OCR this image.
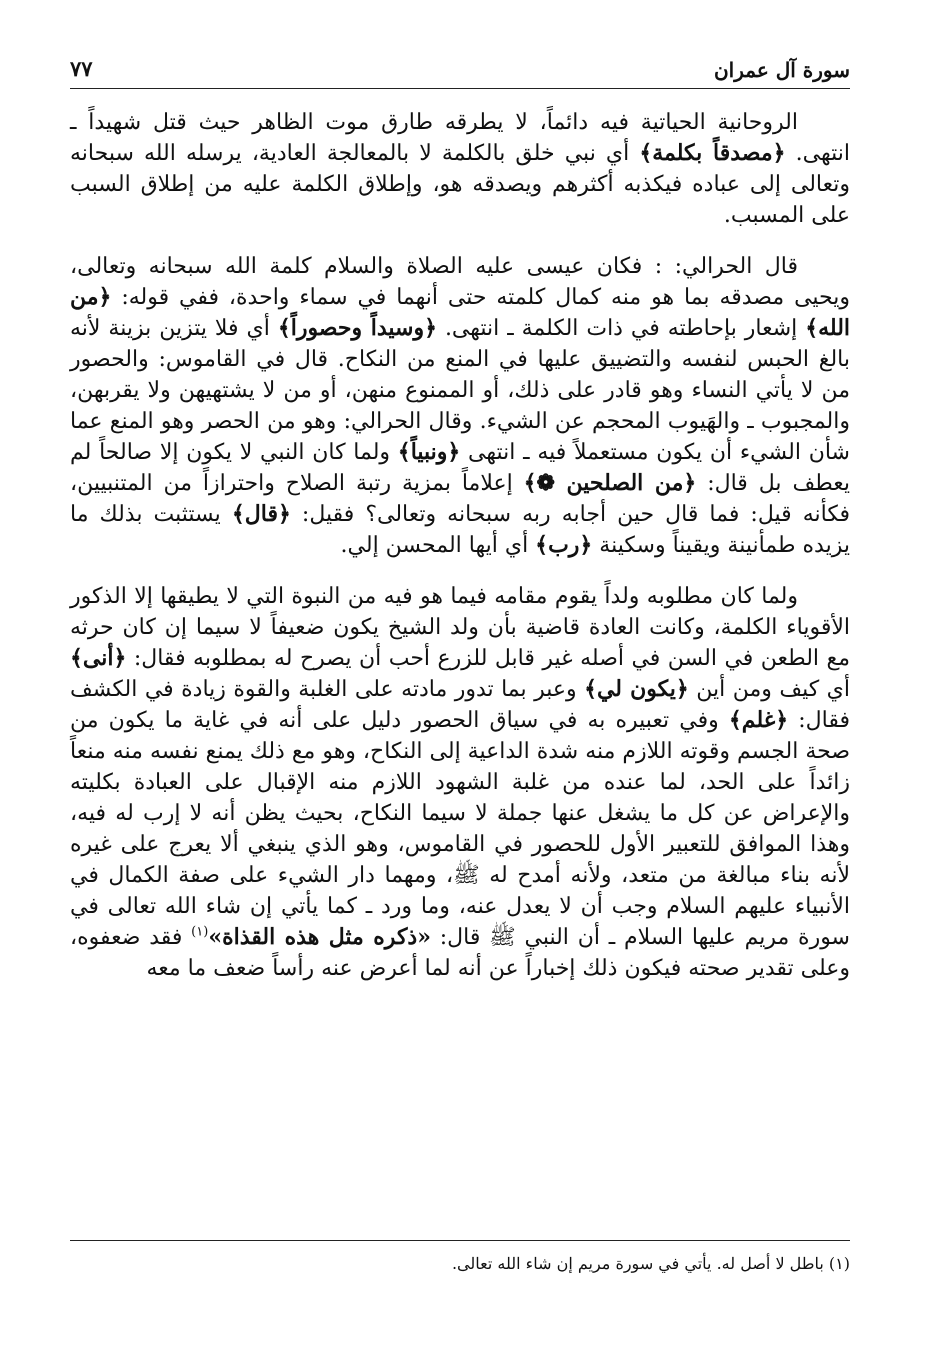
سورة آل عمران
٧٧

الروحانية الحياتية فيه دائماً، لا يطرقه طارق موت الظاهر حيث قتل شهيداً ـ انتهى. ﴿مصدقاً بكلمة﴾ أي نبي خلق بالكلمة لا بالمعالجة العادية، يرسله الله سبحانه وتعالى إلى عباده فيكذبه أكثرهم ويصدقه هو، وإطلاق الكلمة عليه من إطلاق السبب على المسبب.

قال الحرالي: : فكان عيسى عليه الصلاة والسلام كلمة الله سبحانه وتعالى، ويحيى مصدقه بما هو منه كمال كلمته حتى أنهما في سماء واحدة، ففي قوله: ﴿من الله﴾ إشعار بإحاطته في ذات الكلمة ـ انتهى. ﴿وسيداً وحصوراً﴾ أي فلا يتزين بزينة لأنه بالغ الحبس لنفسه والتضييق عليها في المنع من النكاح. قال في القاموس: والحصور من لا يأتي النساء وهو قادر على ذلك، أو الممنوع منهن، أو من لا يشتهيهن ولا يقربهن، والمجبوب ـ والهَيوب المحجم عن الشيء. وقال الحرالي: وهو من الحصر وهو المنع عما شأن الشيء أن يكون مستعملاً فيه ـ انتهى ﴿ونبياً﴾ ولما كان النبي لا يكون إلا صالحاً لم يعطف بل قال: ﴿من الصلحين ❁﴾ إعلاماً بمزية رتبة الصلاح واحترازاً من المتنبيين، فكأنه قيل: فما قال حين أجابه ربه سبحانه وتعالى؟ فقيل: ﴿قال﴾ يستثبت بذلك ما يزيده طمأنينة ويقيناً وسكينة ﴿رب﴾ أي أيها المحسن إلي.

ولما كان مطلوبه ولداً يقوم مقامه فيما هو فيه من النبوة التي لا يطيقها إلا الذكور الأقوياء الكلمة، وكانت العادة قاضية بأن ولد الشيخ يكون ضعيفاً لا سيما إن كان حرثه مع الطعن في السن في أصله غير قابل للزرع أحب أن يصرح له بمطلوبه فقال: ﴿أنى﴾ أي كيف ومن أين ﴿يكون لي﴾ وعبر بما تدور مادته على الغلبة والقوة زيادة في الكشف فقال: ﴿غلم﴾ وفي تعبيره به في سياق الحصور دليل على أنه في غاية ما يكون من صحة الجسم وقوته اللازم منه شدة الداعية إلى النكاح، وهو مع ذلك يمنع نفسه منه منعاً زائداً على الحد، لما عنده من غلبة الشهود اللازم منه الإقبال على العبادة بكليته والإعراض عن كل ما يشغل عنها جملة لا سيما النكاح، بحيث يظن أنه لا إرب له فيه، وهذا الموافق للتعبير الأول للحصور في القاموس، وهو الذي ينبغي ألا يعرج على غيره لأنه بناء مبالغة من متعد، ولأنه أمدح له ﷺ، ومهما دار الشيء على صفة الكمال في الأنبياء عليهم السلام وجب أن لا يعدل عنه، وما ورد ـ كما يأتي إن شاء الله تعالى في سورة مريم عليها السلام ـ أن النبي ﷺ قال: «ذكره مثل هذه القذاة»$^{(١)}$ فقد ضعفوه، وعلى تقدير صحته فيكون ذلك إخباراً عن أنه لما أعرض عنه رأساً ضعف ما معه

(١) باطل لا أصل له. يأتي في سورة مريم إن شاء الله تعالى.
